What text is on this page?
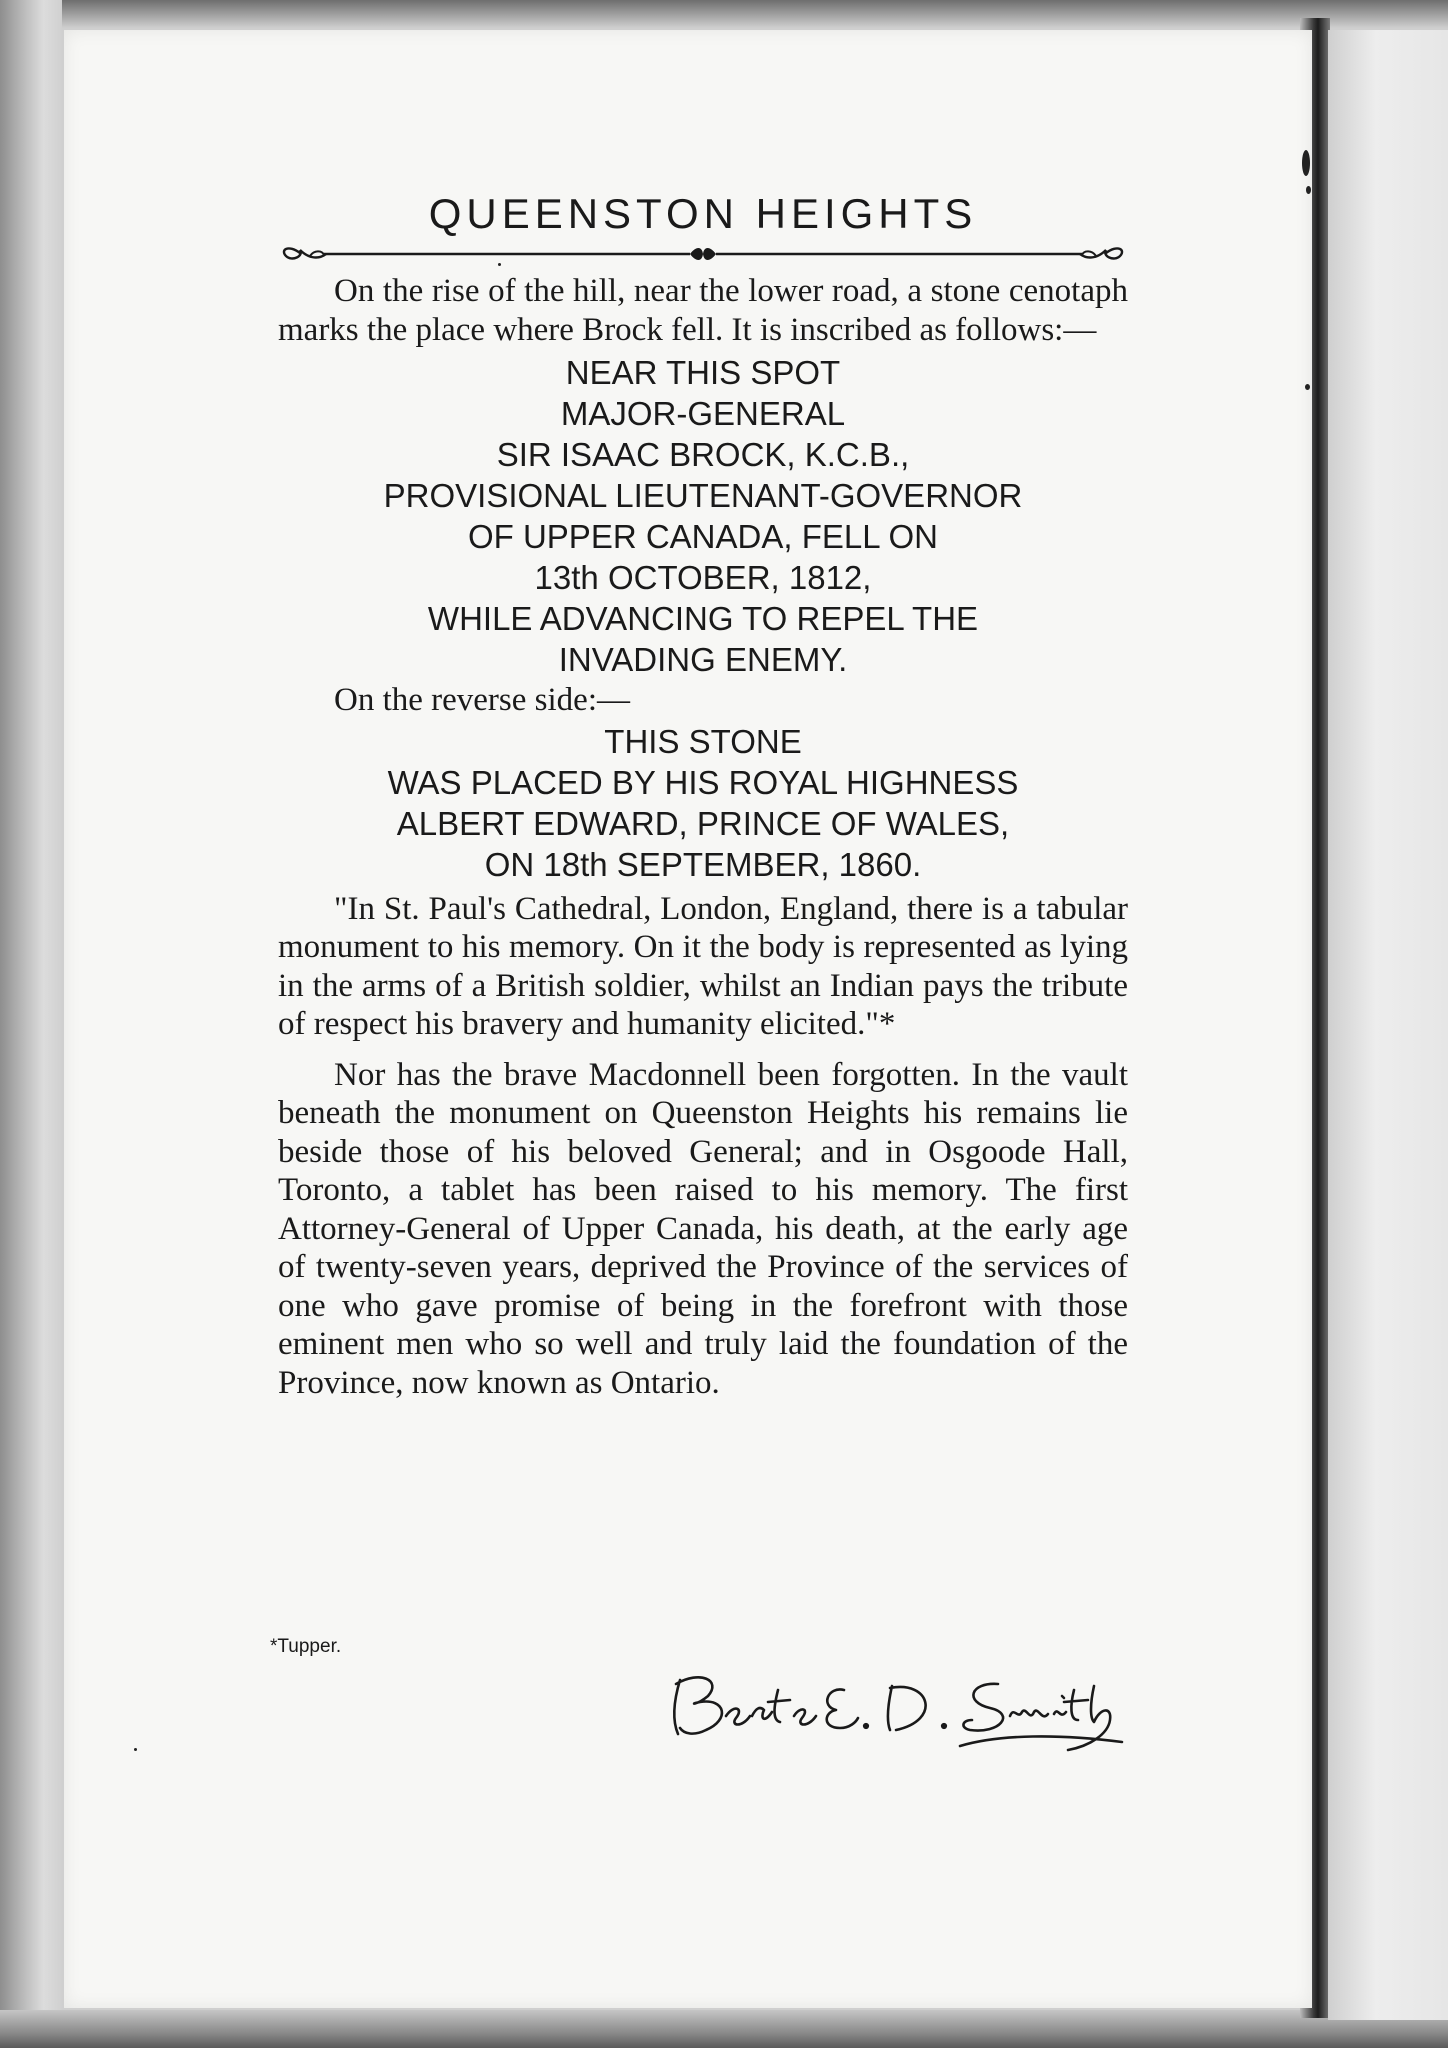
QUEENSTON HEIGHTS

On the rise of the hill, near the lower road, a stone cenotaph marks the place where Brock fell. It is inscribed as follows:—

NEAR THIS SPOT
MAJOR-GENERAL
SIR ISAAC BROCK, K.C.B.,
PROVISIONAL LIEUTENANT-GOVERNOR
OF UPPER CANADA, FELL ON
13th OCTOBER, 1812,
WHILE ADVANCING TO REPEL THE
INVADING ENEMY.

On the reverse side:—

THIS STONE
WAS PLACED BY HIS ROYAL HIGHNESS
ALBERT EDWARD, PRINCE OF WALES,
ON 18th SEPTEMBER, 1860.

"In St. Paul's Cathedral, London, England, there is a tabular monument to his memory. On it the body is represented as lying in the arms of a British soldier, whilst an Indian pays the tribute of respect his bravery and humanity elicited."*

Nor has the brave Macdonnell been forgotten. In the vault beneath the monument on Queenston Heights his remains lie beside those of his beloved General; and in Osgoode Hall, Toronto, a tablet has been raised to his memory. The first Attorney-General of Upper Canada, his death, at the early age of twenty-seven years, deprived the Province of the services of one who gave promise of being in the forefront with those eminent men who so well and truly laid the foundation of the Province, now known as Ontario.

*Tupper.
